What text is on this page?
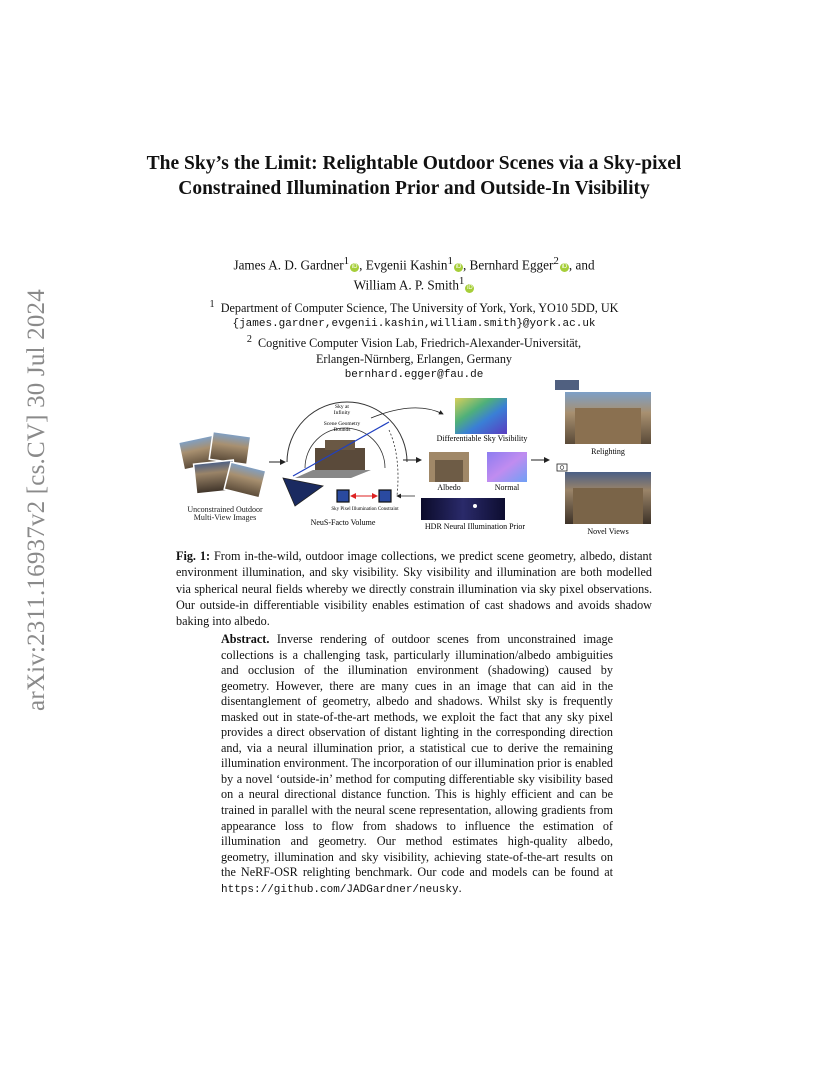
arXiv:2311.16937v2 [cs.CV] 30 Jul 2024
The Sky’s the Limit: Relightable Outdoor Scenes via a Sky-pixel Constrained Illumination Prior and Outside-In Visibility
James A. D. Gardner$^1$iD , Evgenii Kashin$^1$iD , Bernhard Egger$^2$iD , and
William A. P. Smith$^1$iD
$^1$ Department of Computer Science, The University of York, York, YO10 5DD, UK
{james.gardner,evgenii.kashin,william.smith}@york.ac.uk
$^2$ Cognitive Computer Vision Lab, Friedrich-Alexander-Universität,
Erlangen-Nürnberg, Erlangen, Germany
bernhard.egger@fau.de
Unconstrained Outdoor
Multi-View Images
Sky at
Infinity
Scene Geometry
Bounds
Sky Pixel Illumination Constraint
NeuS-Facto Volume
Differentiable Sky Visibility
Albedo	Normal
HDR Neural Illumination Prior
Relighting
Novel Views
Fig. 1: From in-the-wild, outdoor image collections, we predict scene geometry, albedo, distant environment illumination, and sky visibility. Sky visibility and illumination are both modelled via spherical neural fields whereby we directly constrain illumination via sky pixel observations. Our outside-in differentiable visibility enables estimation of cast shadows and avoids shadow baking into albedo.
Abstract. Inverse rendering of outdoor scenes from unconstrained image collections is a challenging task, particularly illumination/albedo ambiguities and occlusion of the illumination environment (shadowing) caused by geometry. However, there are many cues in an image that can aid in the disentanglement of geometry, albedo and shadows. Whilst sky is frequently masked out in state-of-the-art methods, we exploit the fact that any sky pixel provides a direct observation of distant lighting in the corresponding direction and, via a neural illumination prior, a statistical cue to derive the remaining illumination environment. The incorporation of our illumination prior is enabled by a novel ‘outside-in’ method for computing differentiable sky visibility based on a neural directional distance function. This is highly efficient and can be trained in parallel with the neural scene representation, allowing gradients from appearance loss to flow from shadows to influence the estimation of illumination and geometry. Our method estimates high-quality albedo, geometry, illumination and sky visibility, achieving state-of-the-art results on the NeRF-OSR relighting benchmark. Our code and models can be found at https://github.com/JADGardner/neusky.
